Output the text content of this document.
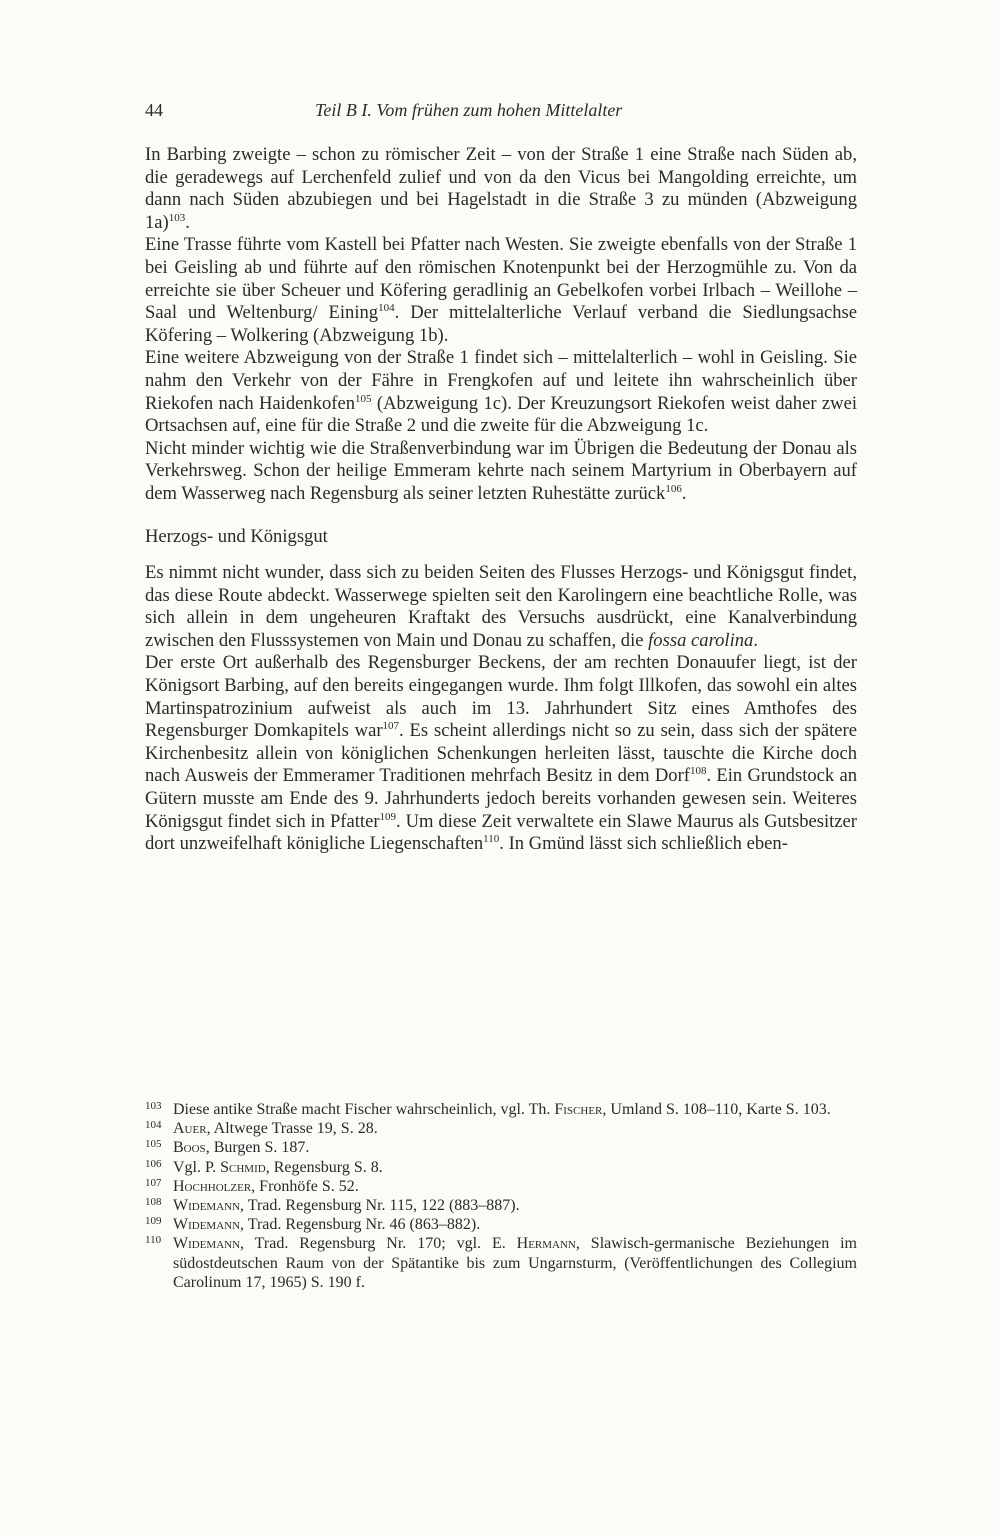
44	Teil B I. Vom frühen zum hohen Mittelalter

In Barbing zweigte – schon zu römischer Zeit – von der Straße 1 eine Straße nach Süden ab, die geradewegs auf Lerchenfeld zulief und von da den Vicus bei Mangolding erreichte, um dann nach Süden abzubiegen und bei Hagelstadt in die Straße 3 zu münden (Abzweigung 1a)$^{103}$.

Eine Trasse führte vom Kastell bei Pfatter nach Westen. Sie zweigte ebenfalls von der Straße 1 bei Geisling ab und führte auf den römischen Knotenpunkt bei der Herzogmühle zu. Von da erreichte sie über Scheuer und Köfering geradlinig an Gebelkofen vorbei Irlbach – Weillohe – Saal und Weltenburg/ Eining$^{104}$. Der mittelalterliche Verlauf verband die Siedlungsachse Köfering – Wolkering (Abzweigung 1b).

Eine weitere Abzweigung von der Straße 1 findet sich – mittelalterlich – wohl in Geisling. Sie nahm den Verkehr von der Fähre in Frengkofen auf und leitete ihn wahrscheinlich über Riekofen nach Haidenkofen$^{105}$ (Abzweigung 1c). Der Kreuzungsort Riekofen weist daher zwei Ortsachsen auf, eine für die Straße 2 und die zweite für die Abzweigung 1c.

Nicht minder wichtig wie die Straßenverbindung war im Übrigen die Bedeutung der Donau als Verkehrsweg. Schon der heilige Emmeram kehrte nach seinem Martyrium in Oberbayern auf dem Wasserweg nach Regensburg als seiner letzten Ruhestätte zurück$^{106}$.

Herzogs- und Königsgut

Es nimmt nicht wunder, dass sich zu beiden Seiten des Flusses Herzogs- und Königsgut findet, das diese Route abdeckt. Wasserwege spielten seit den Karolingern eine beachtliche Rolle, was sich allein in dem ungeheuren Kraftakt des Versuchs ausdrückt, eine Kanalverbindung zwischen den Flusssystemen von Main und Donau zu schaffen, die fossa carolina.

Der erste Ort außerhalb des Regensburger Beckens, der am rechten Donauufer liegt, ist der Königsort Barbing, auf den bereits eingegangen wurde. Ihm folgt Illkofen, das sowohl ein altes Martinspatrozinium aufweist als auch im 13. Jahrhundert Sitz eines Amthofes des Regensburger Domkapitels war$^{107}$. Es scheint allerdings nicht so zu sein, dass sich der spätere Kirchenbesitz allein von königlichen Schenkungen herleiten lässt, tauschte die Kirche doch nach Ausweis der Emmeramer Traditionen mehrfach Besitz in dem Dorf$^{108}$. Ein Grundstock an Gütern musste am Ende des 9. Jahrhunderts jedoch bereits vorhanden gewesen sein. Weiteres Königsgut findet sich in Pfatter$^{109}$. Um diese Zeit verwaltete ein Slawe Maurus als Gutsbesitzer dort unzweifelhaft königliche Liegenschaften$^{110}$. In Gmünd lässt sich schließlich eben-

103 Diese antike Straße macht Fischer wahrscheinlich, vgl. Th. Fischer, Umland S. 108–110, Karte S. 103.

104 Auer, Altwege Trasse 19, S. 28.

105 Boos, Burgen S. 187.

106 Vgl. P. Schmid, Regensburg S. 8.

107 Hochholzer, Fronhöfe S. 52.

108 Widemann, Trad. Regensburg Nr. 115, 122 (883–887).

109 Widemann, Trad. Regensburg Nr. 46 (863–882).

110 Widemann, Trad. Regensburg Nr. 170; vgl. E. Hermann, Slawisch-germanische Beziehungen im südostdeutschen Raum von der Spätantike bis zum Ungarnsturm, (Veröffentlichungen des Collegium Carolinum 17, 1965) S. 190 f.
